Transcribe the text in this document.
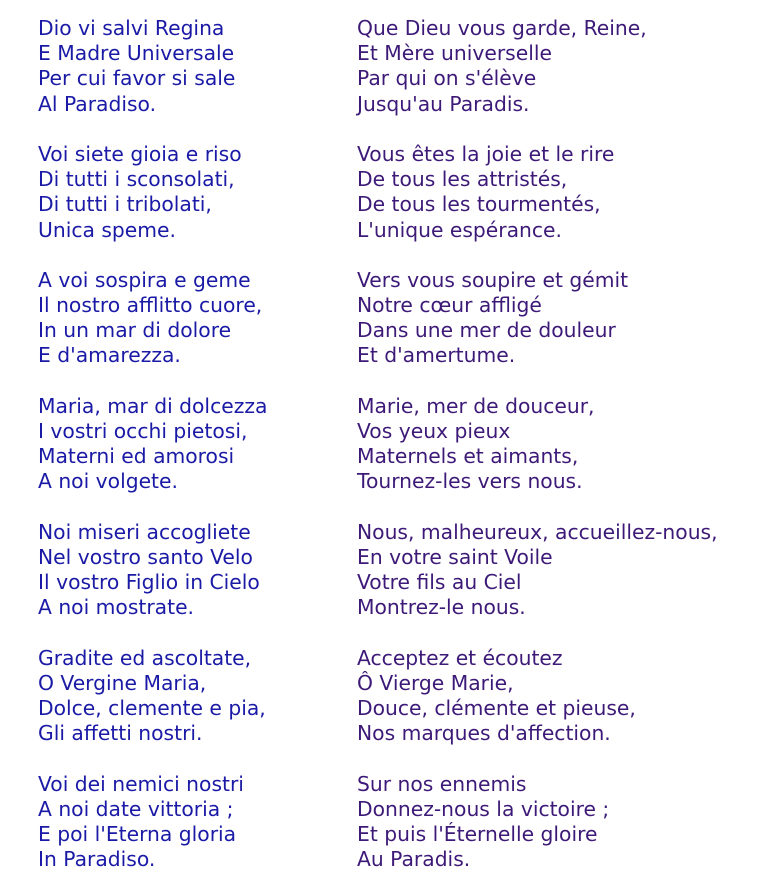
Dio vi salvi Regina
E Madre Universale
Per cui favor si sale
Al Paradiso.
Que Dieu vous garde, Reine,
Et Mère universelle
Par qui on s'élève
Jusqu'au Paradis.
Voi siete gioia e riso
Di tutti i sconsolati,
Di tutti i tribolati,
Unica speme.
Vous êtes la joie et le rire
De tous les attristés,
De tous les tourmentés,
L'unique espérance.
A voi sospira e geme
Il nostro afflitto cuore,
In un mar di dolore
E d'amarezza.
Vers vous soupire et gémit
Notre cœur affligé
Dans une mer de douleur
Et d'amertume.
Maria, mar di dolcezza
I vostri occhi pietosi,
Materni ed amorosi
A noi volgete.
Marie, mer de douceur,
Vos yeux pieux
Maternels et aimants,
Tournez-les vers nous.
Noi miseri accogliete
Nel vostro santo Velo
Il vostro Figlio in Cielo
A noi mostrate.
Nous, malheureux, accueillez-nous,
En votre saint Voile
Votre fils au Ciel
Montrez-le nous.
Gradite ed ascoltate,
O Vergine Maria,
Dolce, clemente e pia,
Gli affetti nostri.
Acceptez et écoutez
Ô Vierge Marie,
Douce, clémente et pieuse,
Nos marques d'affection.
Voi dei nemici nostri
A noi date vittoria ;
E poi l'Eterna gloria
In Paradiso.
Sur nos ennemis
Donnez-nous la victoire ;
Et puis l'Éternelle gloire
Au Paradis.
